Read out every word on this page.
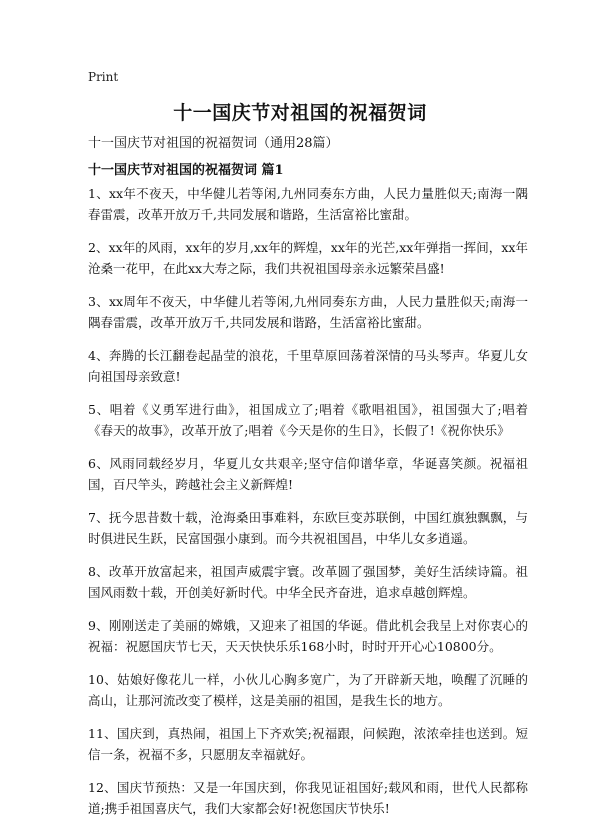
Print
十一国庆节对祖国的祝福贺词
十一国庆节对祖国的祝福贺词（通用28篇）
十一国庆节对祖国的祝福贺词 篇1

1、xx年不夜天，中华健儿若等闲,九州同奏东方曲，人民力量胜似天;南海一隅春雷震，改革开放万千,共同发展和谐路，生活富裕比蜜甜。

2、xx年的风雨，xx年的岁月,xx年的辉煌，xx年的光芒,xx年弹指一挥间，xx年沧桑一花甲，在此xx大寿之际，我们共祝祖国母亲永远繁荣昌盛!

3、xx周年不夜天，中华健儿若等闲,九州同奏东方曲，人民力量胜似天;南海一隅春雷震，改革开放万千,共同发展和谐路，生活富裕比蜜甜。

4、奔腾的长江翻卷起晶莹的浪花，千里草原回荡着深情的马头琴声。华夏儿女向祖国母亲致意!

5、唱着《义勇军进行曲》，祖国成立了;唱着《歌唱祖国》，祖国强大了;唱着《春天的故事》，改革开放了;唱着《今天是你的生日》，长假了!《祝你快乐》

6、风雨同载经岁月，华夏儿女共艰辛;坚守信仰谱华章，华诞喜笑颜。祝福祖国，百尺竿头，跨越社会主义新辉煌!

7、抚今思昔数十载，沧海桑田事难料，东欧巨变苏联倒，中国红旗独飘飘，与时俱进民生跃，民富国强小康到。而今共祝祖国昌，中华儿女多逍遥。

8、改革开放富起来，祖国声威震宇寰。改革圆了强国梦，美好生活续诗篇。祖国风雨数十载，开创美好新时代。中华全民齐奋进，追求卓越创辉煌。

9、刚刚送走了美丽的嫦娥，又迎来了祖国的华诞。借此机会我呈上对你衷心的祝福：祝愿国庆节七天，天天快快乐乐168小时，时时开开心心10800分。

10、姑娘好像花儿一样，小伙儿心胸多宽广，为了开辟新天地，唤醒了沉睡的高山，让那河流改变了模样，这是美丽的祖国，是我生长的地方。

11、国庆到，真热闹，祖国上下齐欢笑;祝福跟，问候跑，浓浓牵挂也送到。短信一条，祝福不多，只愿朋友幸福就好。

12、国庆节预热：又是一年国庆到，你我见证祖国好;载风和雨，世代人民都称道;携手祖国喜庆气，我们大家都会好!祝您国庆节快乐!
